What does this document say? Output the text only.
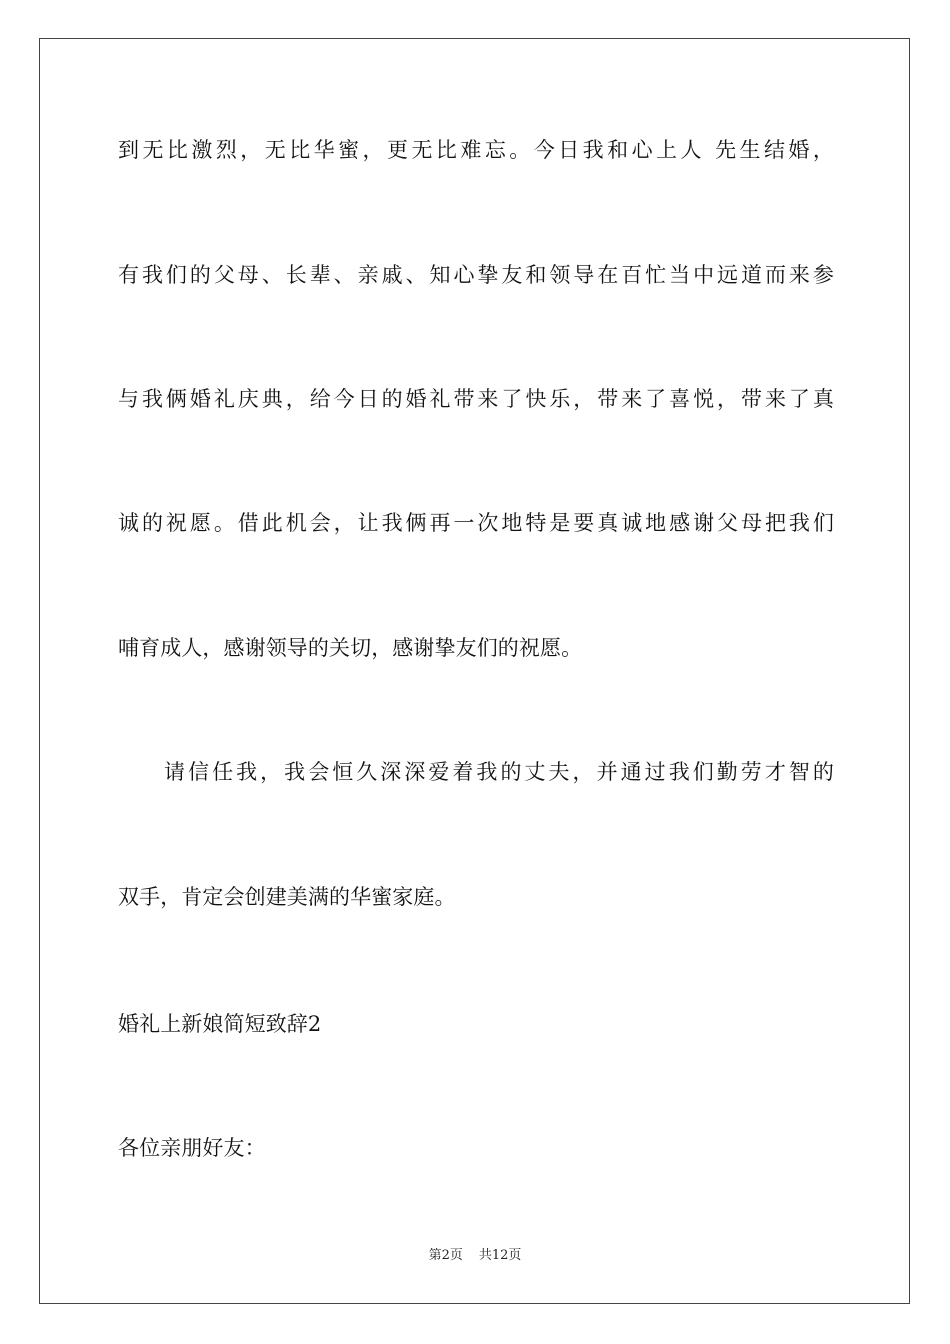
到无比激烈，无比华蜜，更无比难忘。今日我和心上人 先生结婚，
有我们的父母、长辈、亲戚、知心挚友和领导在百忙当中远道而来参
与我俩婚礼庆典，给今日的婚礼带来了快乐，带来了喜悦，带来了真
诚的祝愿。借此机会，让我俩再一次地特是要真诚地感谢父母把我们
哺育成人，感谢领导的关切，感谢挚友们的祝愿。
请信任我，我会恒久深深爱着我的丈夫，并通过我们勤劳才智的
双手，肯定会创建美满的华蜜家庭。
婚礼上新娘简短致辞2
各位亲朋好友：
第2页 共12页
